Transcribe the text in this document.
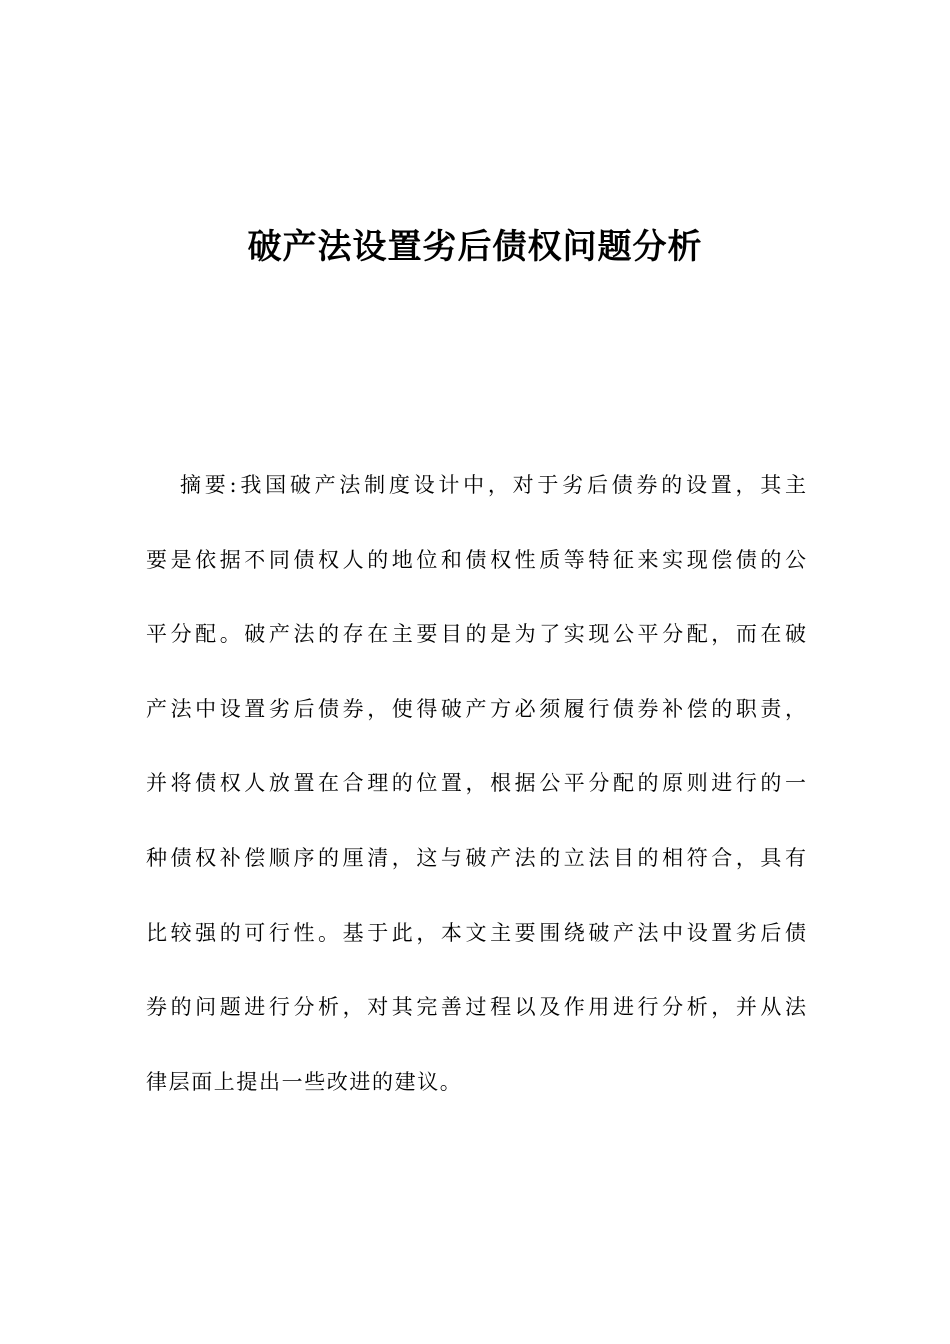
破产法设置劣后债权问题分析
摘要:我国破产法制度设计中，对于劣后债券的设置，其主
要是依据不同债权人的地位和债权性质等特征来实现偿债的公
平分配。破产法的存在主要目的是为了实现公平分配，而在破
产法中设置劣后债券，使得破产方必须履行债券补偿的职责，
并将债权人放置在合理的位置，根据公平分配的原则进行的一
种债权补偿顺序的厘清，这与破产法的立法目的相符合，具有
比较强的可行性。基于此，本文主要围绕破产法中设置劣后债
券的问题进行分析，对其完善过程以及作用进行分析，并从法
律层面上提出一些改进的建议。
